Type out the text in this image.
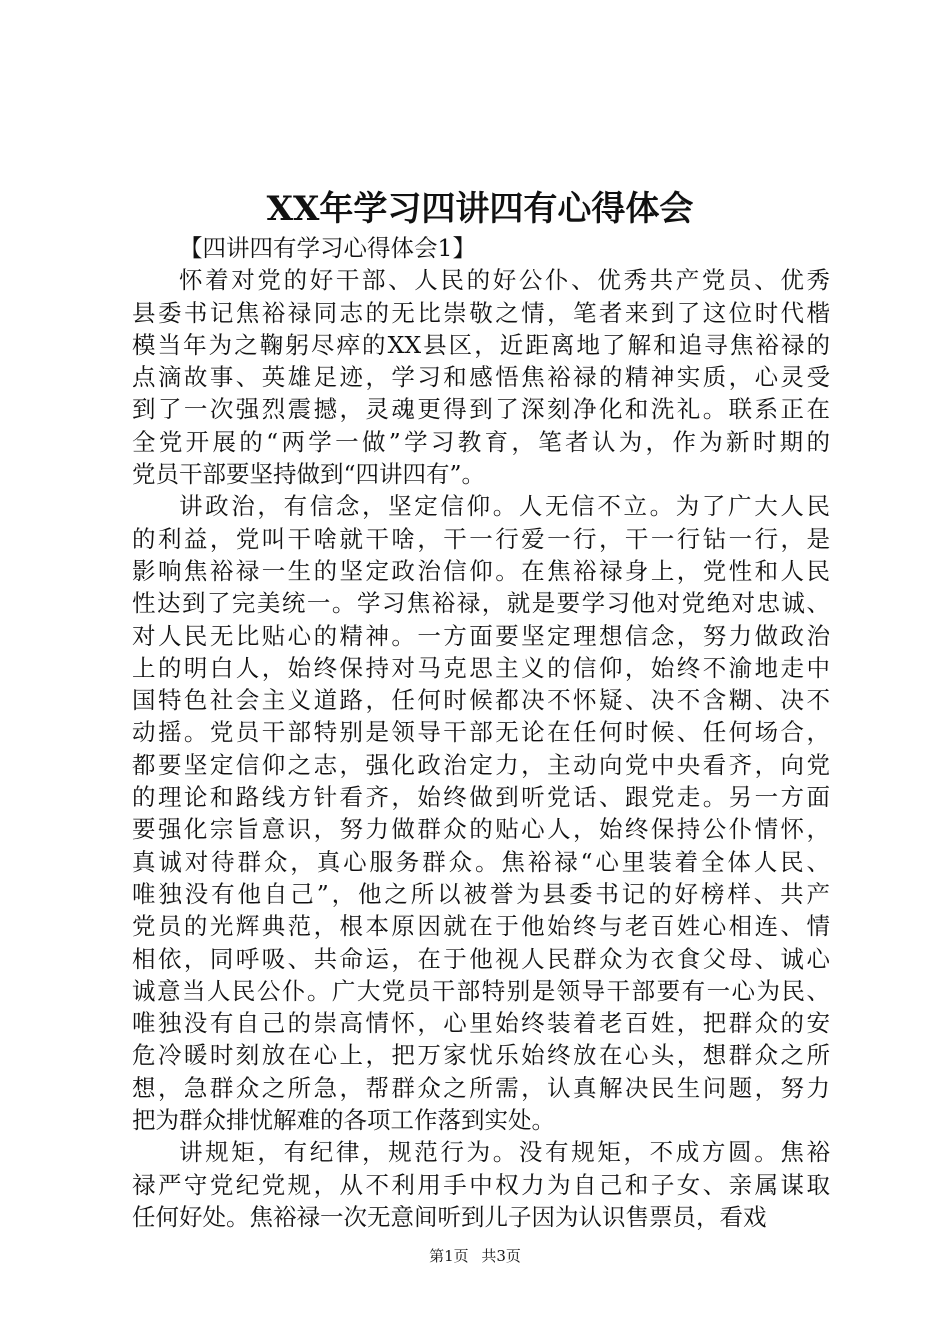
XX年学习四讲四有心得体会
【四讲四有学习心得体会1】
怀着对党的好干部、人民的好公仆、优秀共产党员、优秀
县委书记焦裕禄同志的无比崇敬之情，笔者来到了这位时代楷
模当年为之鞠躬尽瘁的XX县区，近距离地了解和追寻焦裕禄的
点滴故事、英雄足迹，学习和感悟焦裕禄的精神实质，心灵受
到了一次强烈震撼，灵魂更得到了深刻净化和洗礼。联系正在
全党开展的“两学一做”学习教育，笔者认为，作为新时期的
党员干部要坚持做到“四讲四有”。
讲政治，有信念，坚定信仰。人无信不立。为了广大人民
的利益，党叫干啥就干啥，干一行爱一行，干一行钻一行，是
影响焦裕禄一生的坚定政治信仰。在焦裕禄身上，党性和人民
性达到了完美统一。学习焦裕禄，就是要学习他对党绝对忠诚、
对人民无比贴心的精神。一方面要坚定理想信念，努力做政治
上的明白人，始终保持对马克思主义的信仰，始终不渝地走中
国特色社会主义道路，任何时候都决不怀疑、决不含糊、决不
动摇。党员干部特别是领导干部无论在任何时候、任何场合，
都要坚定信仰之志，强化政治定力，主动向党中央看齐，向党
的理论和路线方针看齐，始终做到听党话、跟党走。另一方面
要强化宗旨意识，努力做群众的贴心人，始终保持公仆情怀，
真诚对待群众，真心服务群众。焦裕禄“心里装着全体人民、
唯独没有他自己”，他之所以被誉为县委书记的好榜样、共产
党员的光辉典范，根本原因就在于他始终与老百姓心相连、情
相依，同呼吸、共命运，在于他视人民群众为衣食父母、诚心
诚意当人民公仆。广大党员干部特别是领导干部要有一心为民、
唯独没有自己的崇高情怀，心里始终装着老百姓，把群众的安
危冷暖时刻放在心上，把万家忧乐始终放在心头，想群众之所
想，急群众之所急，帮群众之所需，认真解决民生问题，努力
把为群众排忧解难的各项工作落到实处。
讲规矩，有纪律，规范行为。没有规矩，不成方圆。焦裕
禄严守党纪党规，从不利用手中权力为自己和子女、亲属谋取
任何好处。焦裕禄一次无意间听到儿子因为认识售票员，看戏
第1页 共3页
